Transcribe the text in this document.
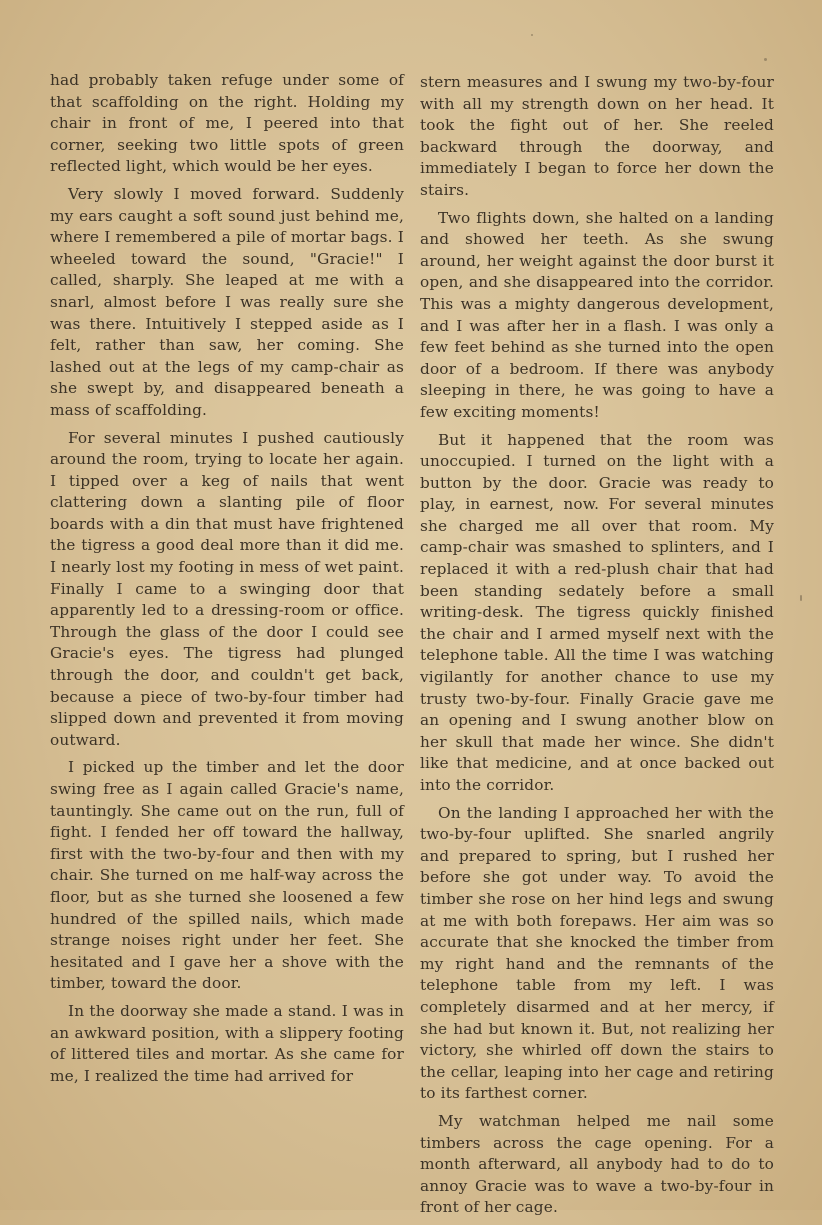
had probably taken refuge under some of that scaffolding on the right. Holding my chair in front of me, I peered into that corner, seeking two little spots of green reflected light, which would be her eyes.

Very slowly I moved forward. Suddenly my ears caught a soft sound just behind me, where I remembered a pile of mortar bags. I wheeled toward the sound, "Gracie!" I called, sharply. She leaped at me with a snarl, almost before I was really sure she was there. Intuitively I stepped aside as I felt, rather than saw, her coming. She lashed out at the legs of my camp-chair as she swept by, and disappeared beneath a mass of scaffolding.

For several minutes I pushed cautiously around the room, trying to locate her again. I tipped over a keg of nails that went clattering down a slanting pile of floor boards with a din that must have frightened the tigress a good deal more than it did me. I nearly lost my footing in mess of wet paint. Finally I came to a swinging door that apparently led to a dressing-room or office. Through the glass of the door I could see Gracie's eyes. The tigress had plunged through the door, and couldn't get back, because a piece of two-by-four timber had slipped down and prevented it from moving outward.

I picked up the timber and let the door swing free as I again called Gracie's name, tauntingly. She came out on the run, full of fight. I fended her off toward the hallway, first with the two-by-four and then with my chair. She turned on me half-way across the floor, but as she turned she loosened a few hundred of the spilled nails, which made strange noises right under her feet. She hesitated and I gave her a shove with the timber, toward the door.

In the doorway she made a stand. I was in an awkward position, with a slippery footing of littered tiles and mortar. As she came for me, I realized the time had arrived for

stern measures and I swung my two-by-four with all my strength down on her head. It took the fight out of her. She reeled backward through the doorway, and immediately I began to force her down the stairs.

Two flights down, she halted on a landing and showed her teeth. As she swung around, her weight against the door burst it open, and she disappeared into the corridor. This was a mighty dangerous development, and I was after her in a flash. I was only a few feet behind as she turned into the open door of a bedroom. If there was anybody sleeping in there, he was going to have a few exciting moments!

But it happened that the room was unoccupied. I turned on the light with a button by the door. Gracie was ready to play, in earnest, now. For several minutes she charged me all over that room. My camp-chair was smashed to splinters, and I replaced it with a red-plush chair that had been standing sedately before a small writing-desk. The tigress quickly finished the chair and I armed myself next with the telephone table. All the time I was watching vigilantly for another chance to use my trusty two-by-four. Finally Gracie gave me an opening and I swung another blow on her skull that made her wince. She didn't like that medicine, and at once backed out into the corridor.

On the landing I approached her with the two-by-four uplifted. She snarled angrily and prepared to spring, but I rushed her before she got under way. To avoid the timber she rose on her hind legs and swung at me with both forepaws. Her aim was so accurate that she knocked the timber from my right hand and the remnants of the telephone table from my left. I was completely disarmed and at her mercy, if she had but known it. But, not realizing her victory, she whirled off down the stairs to the cellar, leaping into her cage and retiring to its farthest corner.

My watchman helped me nail some timbers across the cage opening. For a month afterward, all anybody had to do to annoy Gracie was to wave a two-by-four in front of her cage.
